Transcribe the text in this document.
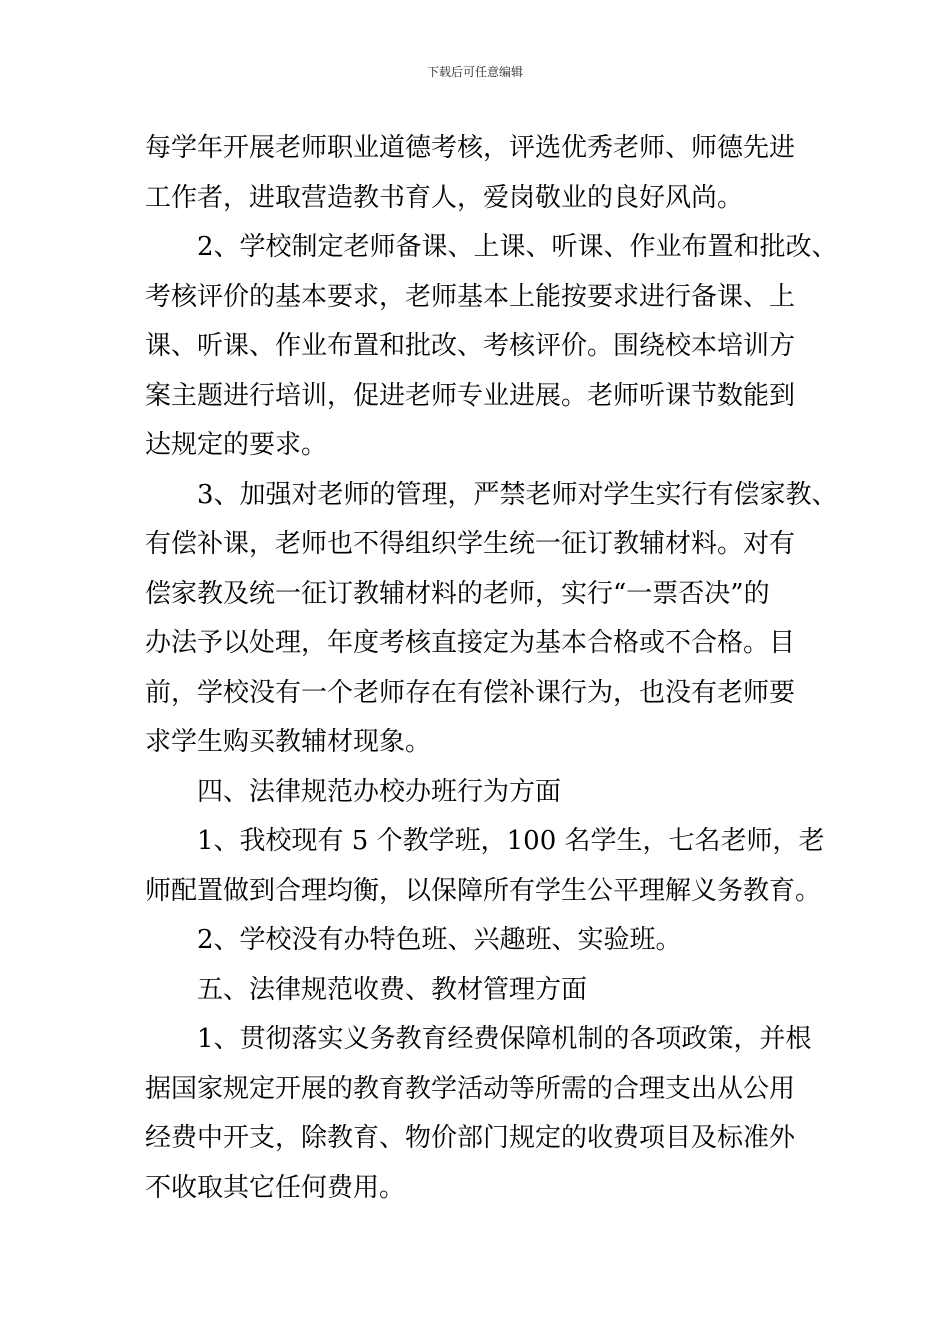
下载后可任意编辑
每学年开展老师职业道德考核，评选优秀老师、师德先进
工作者，进取营造教书育人，爱岗敬业的良好风尚。
2、学校制定老师备课、上课、听课、作业布置和批改、
考核评价的基本要求，老师基本上能按要求进行备课、上
课、听课、作业布置和批改、考核评价。围绕校本培训方
案主题进行培训，促进老师专业进展。老师听课节数能到
达规定的要求。
3、加强对老师的管理，严禁老师对学生实行有偿家教、
有偿补课，老师也不得组织学生统一征订教辅材料。对有
偿家教及统一征订教辅材料的老师，实行“一票否决”的
办法予以处理，年度考核直接定为基本合格或不合格。目
前，学校没有一个老师存在有偿补课行为，也没有老师要
求学生购买教辅材现象。
四、法律规范办校办班行为方面
1、我校现有 5 个教学班，100 名学生，七名老师，老
师配置做到合理均衡，以保障所有学生公平理解义务教育。
2、学校没有办特色班、兴趣班、实验班。
五、法律规范收费、教材管理方面
1、贯彻落实义务教育经费保障机制的各项政策，并根
据国家规定开展的教育教学活动等所需的合理支出从公用
经费中开支，除教育、物价部门规定的收费项目及标准外
不收取其它任何费用。
